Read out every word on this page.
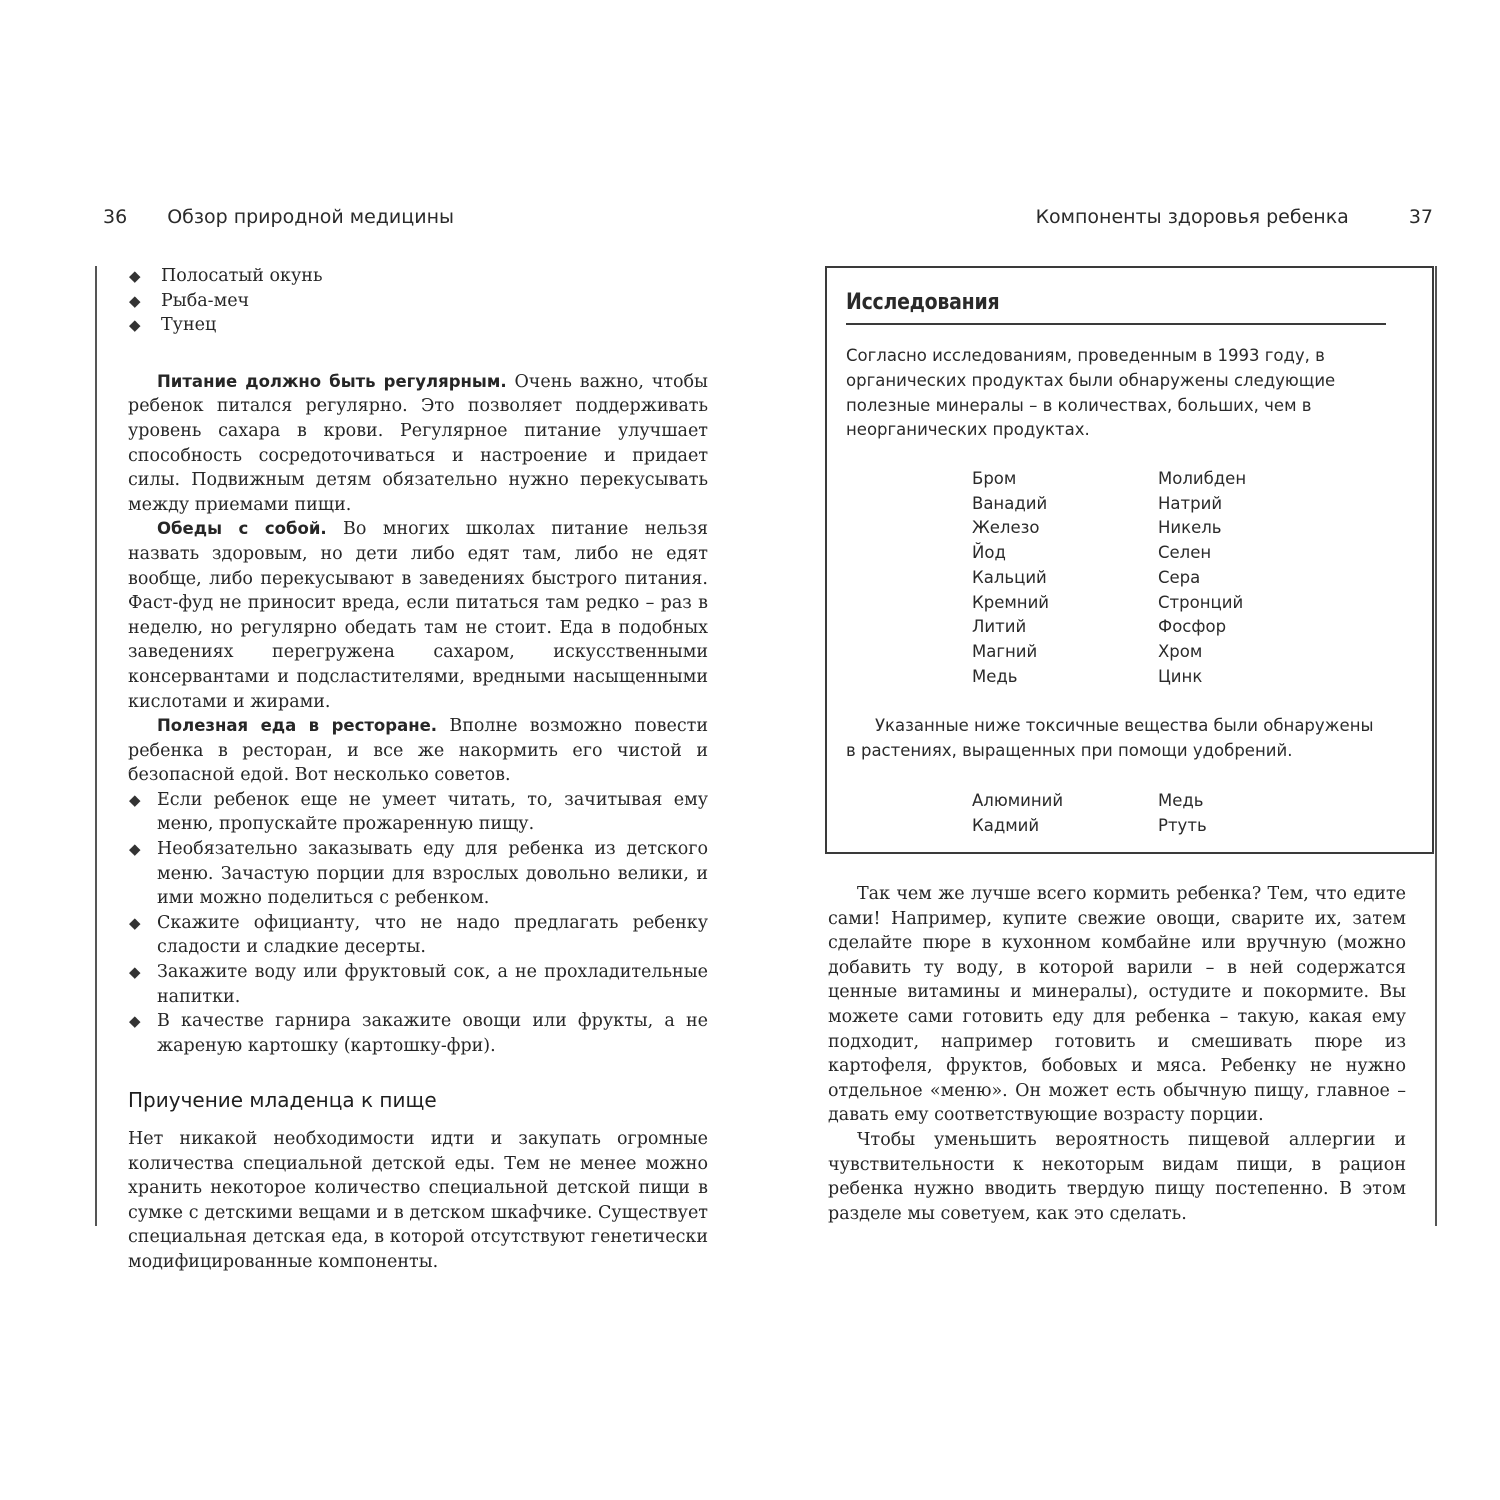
36 Обзор природной медицины	Компоненты здоровья ребенка	37
◆ Полосатый окунь
◆ Рыба-меч
◆ Тунец

Питание должно быть регулярным. Очень важно, чтобы ребенок питался регулярно. Это позволяет поддерживать уровень сахара в крови. Регулярное питание улучшает способность сосредоточиваться и настроение и придает силы. Подвижным детям обязательно нужно перекусывать между приемами пищи.

Обеды с собой. Во многих школах питание нельзя назвать здоровым, но дети либо едят там, либо не едят вообще, либо перекусывают в заведениях быстрого питания. Фаст-фуд не приносит вреда, если питаться там редко – раз в неделю, но регулярно обедать там не стоит. Еда в подобных заведениях перегружена сахаром, искусственными консервантами и подсластителями, вредными насыщенными кислотами и жирами.

Полезная еда в ресторане. Вполне возможно повести ребенка в ресторан, и все же накормить его чистой и безопасной едой. Вот несколько советов.

◆ Если ребенок еще не умеет читать, то, зачитывая ему меню, пропускайте прожаренную пищу.
◆ Необязательно заказывать еду для ребенка из детского меню. Зачастую порции для взрослых довольно велики, и ими можно поделиться с ребенком.
◆ Скажите официанту, что не надо предлагать ребенку сладости и сладкие десерты.
◆ Закажите воду или фруктовый сок, а не прохладительные напитки.
◆ В качестве гарнира закажите овощи или фрукты, а не жареную картошку (картошку-фри).
Приучение младенца к пище

Нет никакой необходимости идти и закупать огромные количества специальной детской еды. Тем не менее можно хранить некоторое количество специальной детской пищи в сумке с детскими вещами и в детском шкафчике. Существует специальная детская еда, в которой отсутствуют генетически модифицированные компоненты.

Исследования

Согласно исследованиям, проведенным в 1993 году, в органических продуктах были обнаружены следующие полезные минералы – в количествах, больших, чем в неорганических продуктах.

Бром
Ванадий
Железо
Йод
Кальций
Кремний
Литий
Магний
Медь
Молибден
Натрий
Никель
Селен
Сера
Стронций
Фосфор
Хром
Цинк

Указанные ниже токсичные вещества были обнаружены в растениях, выращенных при помощи удобрений.

Алюминий
Кадмий
Медь
Ртуть

Так чем же лучше всего кормить ребенка? Тем, что едите сами! Например, купите свежие овощи, сварите их, затем сделайте пюре в кухонном комбайне или вручную (можно добавить ту воду, в которой варили – в ней содержатся ценные витамины и минералы), остудите и покормите. Вы можете сами готовить еду для ребенка – такую, какая ему подходит, например готовить и смешивать пюре из картофеля, фруктов, бобовых и мяса. Ребенку не нужно отдельное «меню». Он может есть обычную пищу, главное – давать ему соответствующие возрасту порции.

Чтобы уменьшить вероятность пищевой аллергии и чувствительности к некоторым видам пищи, в рацион ребенка нужно вводить твердую пищу постепенно. В этом разделе мы советуем, как это сделать.
